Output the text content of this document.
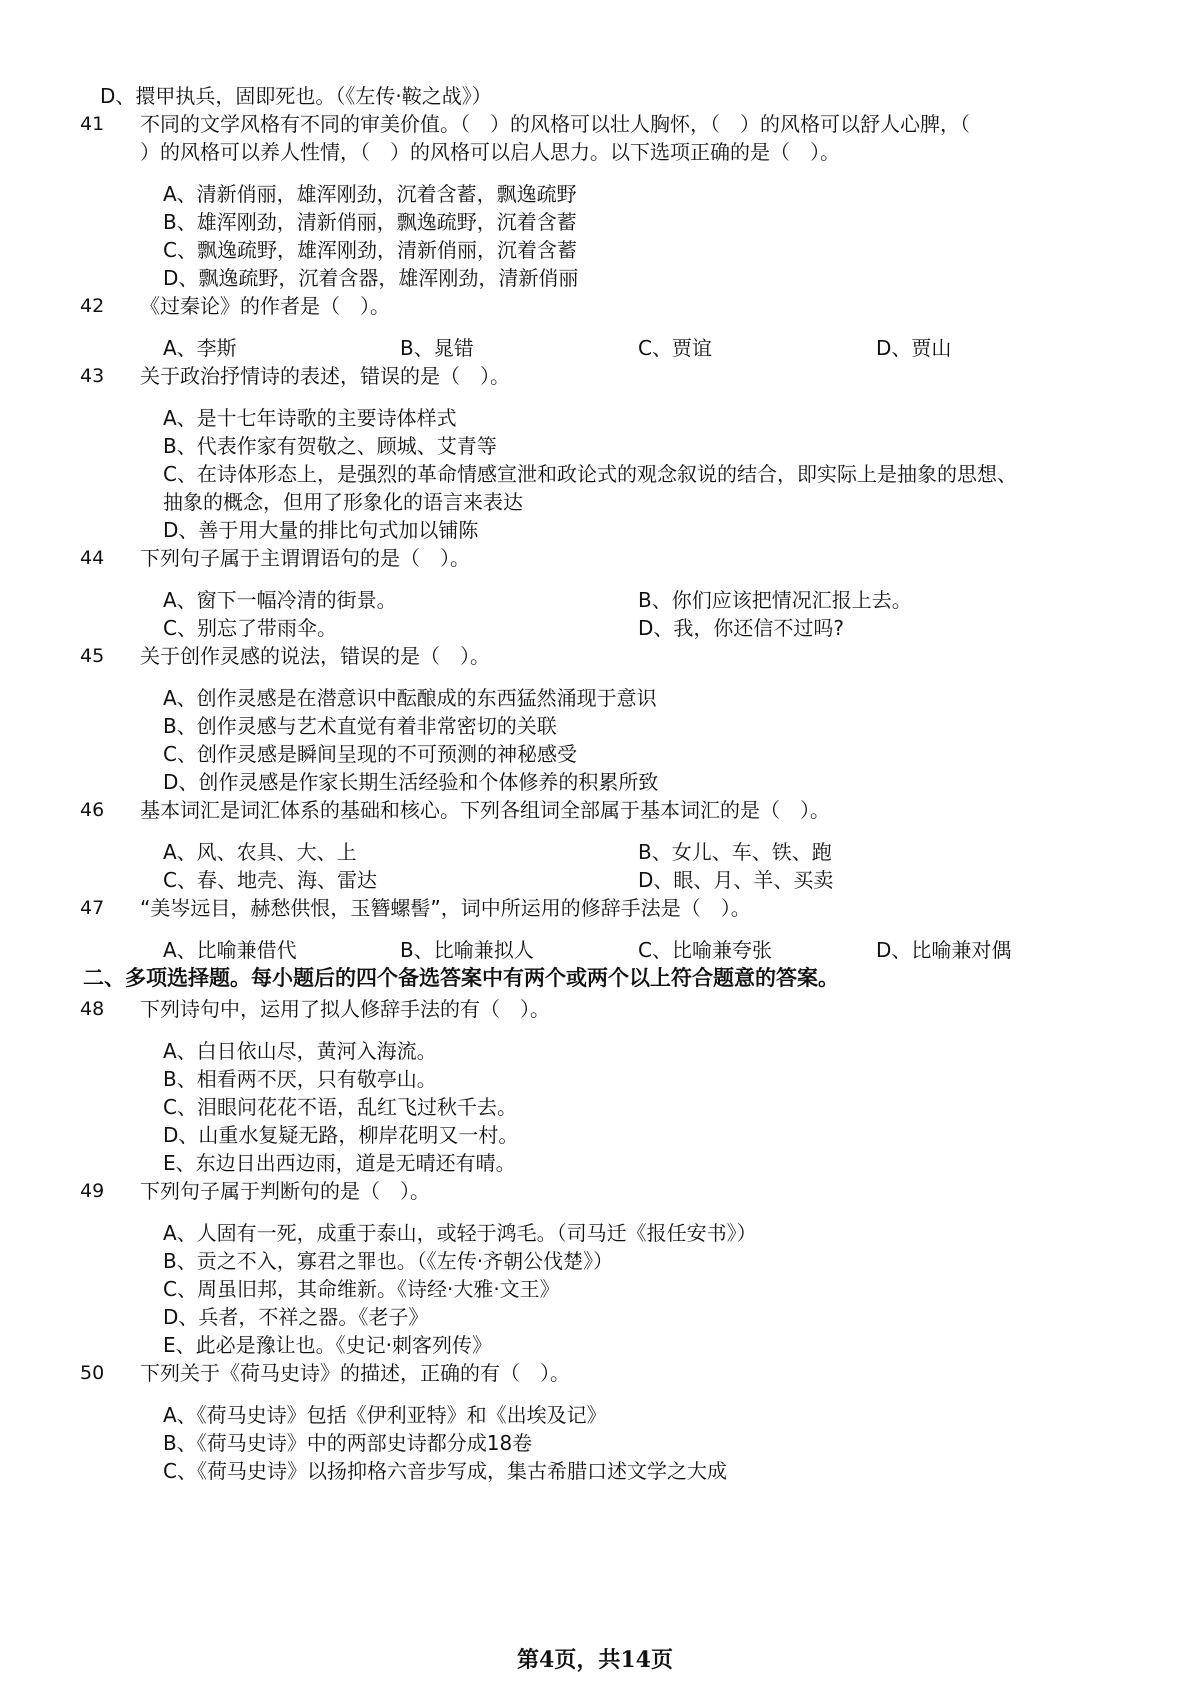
D、擐甲执兵，固即死也。（《左传·鞍之战》）
41	不同的文学风格有不同的审美价值。（　）的风格可以壮人胸怀，（　）的风格可以舒人心脾，（
）的风格可以养人性情，（　）的风格可以启人思力。以下选项正确的是（　）。
A、清新俏丽，雄浑刚劲，沉着含蓄，飘逸疏野
B、雄浑刚劲，清新俏丽，飘逸疏野，沉着含蓄
C、飘逸疏野，雄浑刚劲，清新俏丽，沉着含蓄
D、飘逸疏野，沉着含器，雄浑刚劲，清新俏丽
42	《过秦论》的作者是（　）。
A、李斯	B、晁错	C、贾谊	D、贾山
43	关于政治抒情诗的表述，错误的是（　）。
A、是十七年诗歌的主要诗体样式
B、代表作家有贺敬之、顾城、艾青等
C、在诗体形态上，是强烈的革命情感宣泄和政论式的观念叙说的结合，即实际上是抽象的思想、
抽象的概念，但用了形象化的语言来表达
D、善于用大量的排比句式加以铺陈
44	下列句子属于主谓谓语句的是（　）。
A、窗下一幅冷清的街景。	B、你们应该把情况汇报上去。
C、别忘了带雨伞。	D、我，你还信不过吗?
45	关于创作灵感的说法，错误的是（　）。
A、创作灵感是在潜意识中酝酿成的东西猛然涌现于意识
B、创作灵感与艺术直觉有着非常密切的关联
C、创作灵感是瞬间呈现的不可预测的神秘感受
D、创作灵感是作家长期生活经验和个体修养的积累所致
46	基本词汇是词汇体系的基础和核心。下列各组词全部属于基本词汇的是（　）。
A、风、农具、大、上	B、女儿、车、铁、跑
C、春、地壳、海、雷达	D、眼、月、羊、买卖
47	“美岑远目，赫愁供恨，玉簪螺髻”，词中所运用的修辞手法是（　）。
A、比喻兼借代	B、比喻兼拟人	C、比喻兼夸张	D、比喻兼对偶
二、多项选择题。每小题后的四个备选答案中有两个或两个以上符合题意的答案。
48	下列诗句中，运用了拟人修辞手法的有（　）。
A、白日依山尽，黄河入海流。
B、相看两不厌，只有敬亭山。
C、泪眼问花花不语，乱红飞过秋千去。
D、山重水复疑无路，柳岸花明又一村。
E、东边日出西边雨，道是无晴还有晴。
49	下列句子属于判断句的是（　）。
A、人固有一死，成重于泰山，或轻于鸿毛。（司马迁《报任安书》）
B、贡之不入，寡君之罪也。（《左传·齐朝公伐楚》）
C、周虽旧邦，其命维新。《诗经·大雅·文王》
D、兵者，不祥之器。《老子》
E、此必是豫让也。《史记·刺客列传》
50	下列关于《荷马史诗》的描述，正确的有（　）。
A、《荷马史诗》包括《伊利亚特》和《出埃及记》
B、《荷马史诗》中的两部史诗都分成18卷
C、《荷马史诗》以扬抑格六音步写成，集古希腊口述文学之大成
第4页，共14页
